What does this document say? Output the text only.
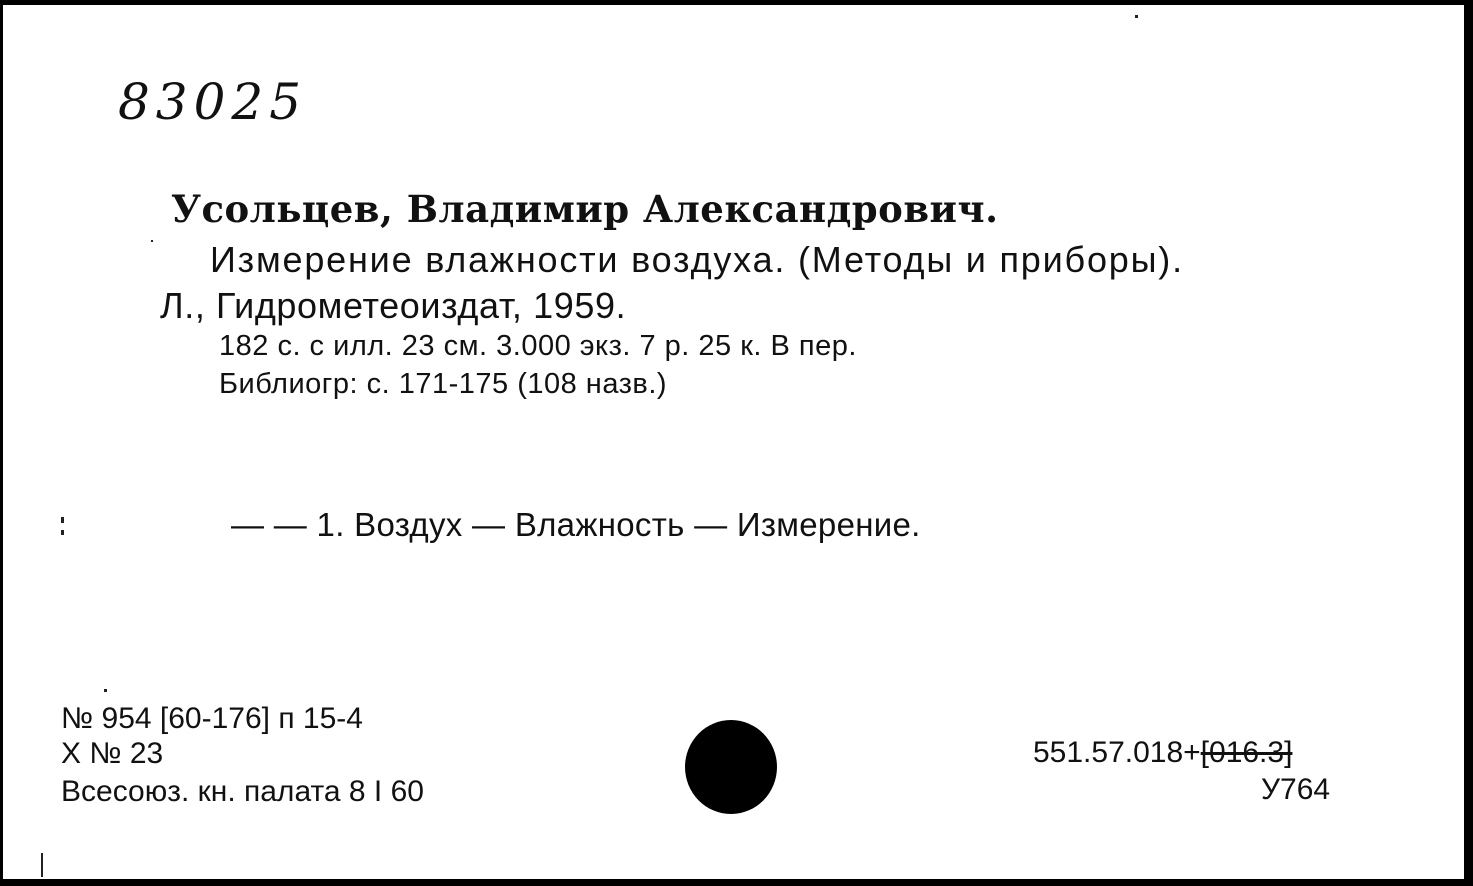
83025
Усольцев, Владимир Александрович.
Измерение влажности воздуха. (Методы и приборы).
Л., Гидрометеоиздат, 1959.
182 с. с илл. 23 см. 3.000 экз. 7 р. 25 к. В пер.
Библиогр: с. 171-175 (108 назв.)
— — 1. Воздух — Влажность — Измерение.
№ 954 [60-176] п 15-4
Х № 23
Всесоюз. кн. палата 8 I 60
551.57.018+[016.3]
У764
